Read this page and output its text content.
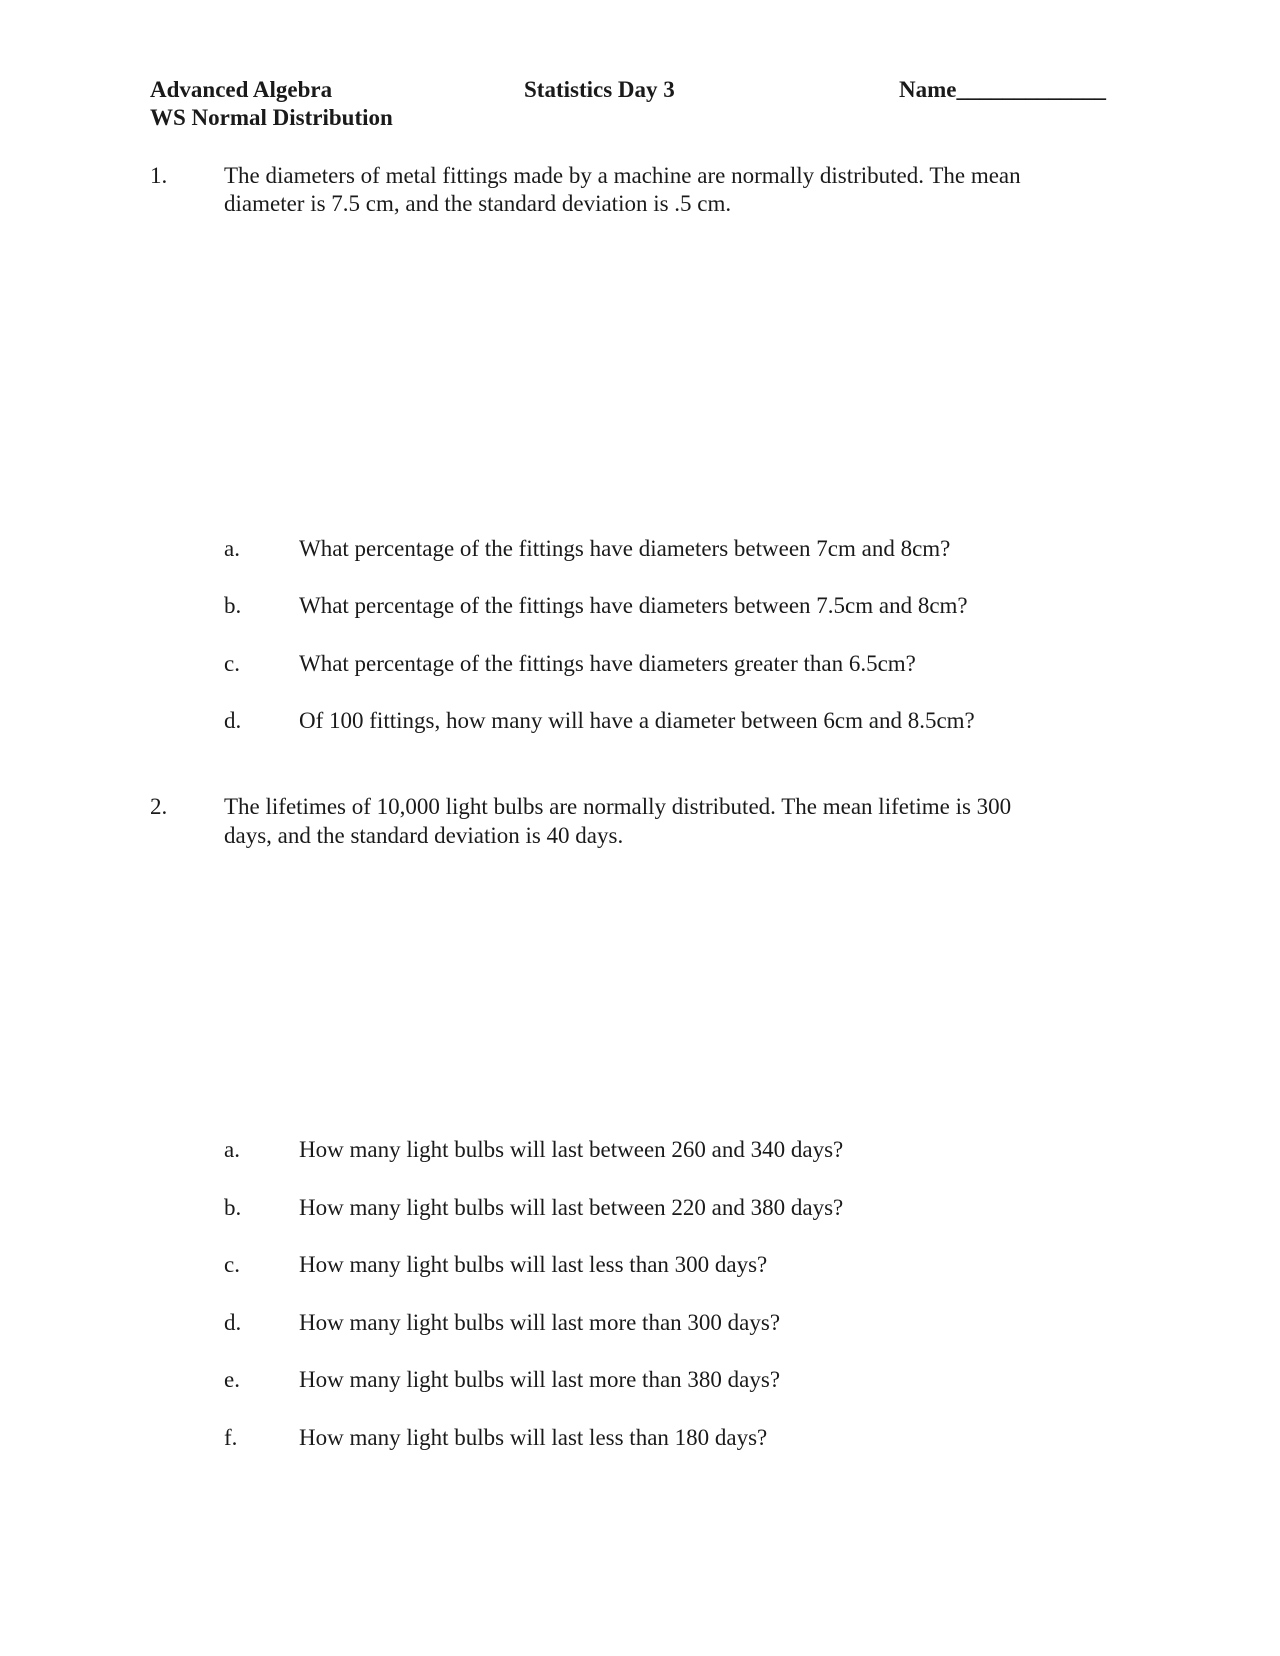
Advanced Algebra
WS Normal Distribution
Statistics Day 3	Name_____________
1. The diameters of metal fittings made by a machine are normally distributed. The mean
diameter is 7.5 cm, and the standard deviation is .5 cm.
a.	What percentage of the fittings have diameters between 7cm and 8cm?
b.	What percentage of the fittings have diameters between 7.5cm and 8cm?
c.	What percentage of the fittings have diameters greater than 6.5cm?
d.	Of 100 fittings, how many will have a diameter between 6cm and 8.5cm?
2. The lifetimes of 10,000 light bulbs are normally distributed. The mean lifetime is 300
days, and the standard deviation is 40 days.
a.	How many light bulbs will last between 260 and 340 days?
b.	How many light bulbs will last between 220 and 380 days?
c.	How many light bulbs will last less than 300 days?
d.	How many light bulbs will last more than 300 days?
e.	How many light bulbs will last more than 380 days?
f.	How many light bulbs will last less than 180 days?
